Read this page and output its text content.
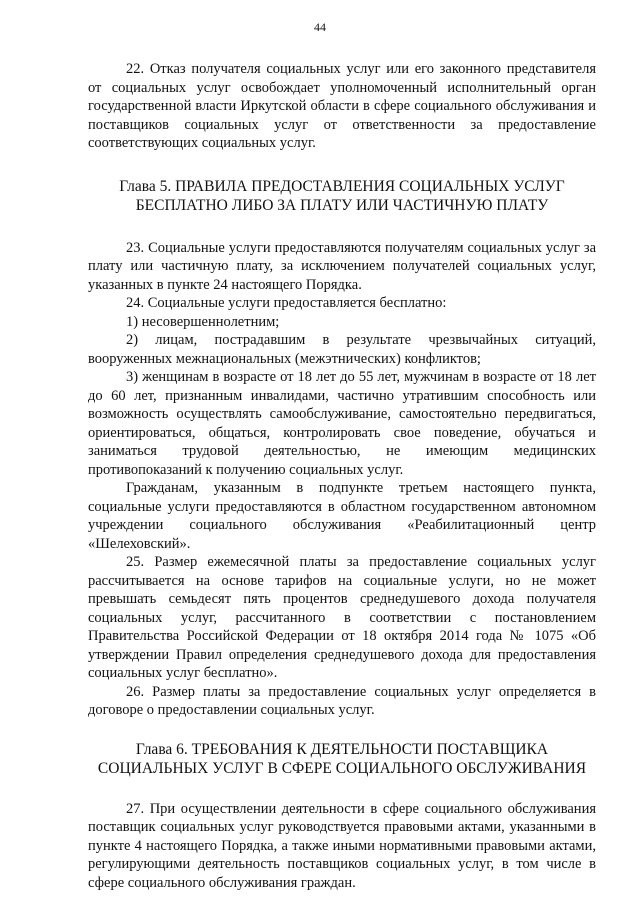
44

22. Отказ получателя социальных услуг или его законного представителя от социальных услуг освобождает уполномоченный исполнительный орган государственной власти Иркутской области в сфере социального обслуживания и поставщиков социальных услуг от ответственности за предоставление соответствующих социальных услуг.

Глава 5. ПРАВИЛА ПРЕДОСТАВЛЕНИЯ СОЦИАЛЬНЫХ УСЛУГ
БЕСПЛАТНО ЛИБО ЗА ПЛАТУ ИЛИ ЧАСТИЧНУЮ ПЛАТУ

23. Социальные услуги предоставляются получателям социальных услуг за плату или частичную плату, за исключением получателей социальных услуг, указанных в пункте 24 настоящего Порядка.

24. Социальные услуги предоставляется бесплатно:

1) несовершеннолетним;

2) лицам, пострадавшим в результате чрезвычайных ситуаций, вооруженных межнациональных (межэтнических) конфликтов;

3) женщинам в возрасте от 18 лет до 55 лет, мужчинам в возрасте от 18 лет до 60 лет, признанным инвалидами, частично утратившим способность или возможность осуществлять самообслуживание, самостоятельно передвигаться, ориентироваться, общаться, контролировать свое поведение, обучаться и заниматься трудовой деятельностью, не имеющим медицинских противопоказаний к получению социальных услуг.

Гражданам, указанным в подпункте третьем настоящего пункта, социальные услуги предоставляются в областном государственном автономном учреждении социального обслуживания «Реабилитационный центр «Шелеховский».

25. Размер ежемесячной платы за предоставление социальных услуг рассчитывается на основе тарифов на социальные услуги, но не может превышать семьдесят пять процентов среднедушевого дохода получателя социальных услуг, рассчитанного в соответствии с постановлением Правительства Российской Федерации от 18 октября 2014 года № 1075 «Об утверждении Правил определения среднедушевого дохода для предоставления социальных услуг бесплатно».

26. Размер платы за предоставление социальных услуг определяется в договоре о предоставлении социальных услуг.

Глава 6. ТРЕБОВАНИЯ К ДЕЯТЕЛЬНОСТИ ПОСТАВЩИКА
СОЦИАЛЬНЫХ УСЛУГ В СФЕРЕ СОЦИАЛЬНОГО ОБСЛУЖИВАНИЯ

27. При осуществлении деятельности в сфере социального обслуживания поставщик социальных услуг руководствуется правовыми актами, указанными в пункте 4 настоящего Порядка, а также иными нормативными правовыми актами, регулирующими деятельность поставщиков социальных услуг, в том числе в сфере социального обслуживания граждан.
